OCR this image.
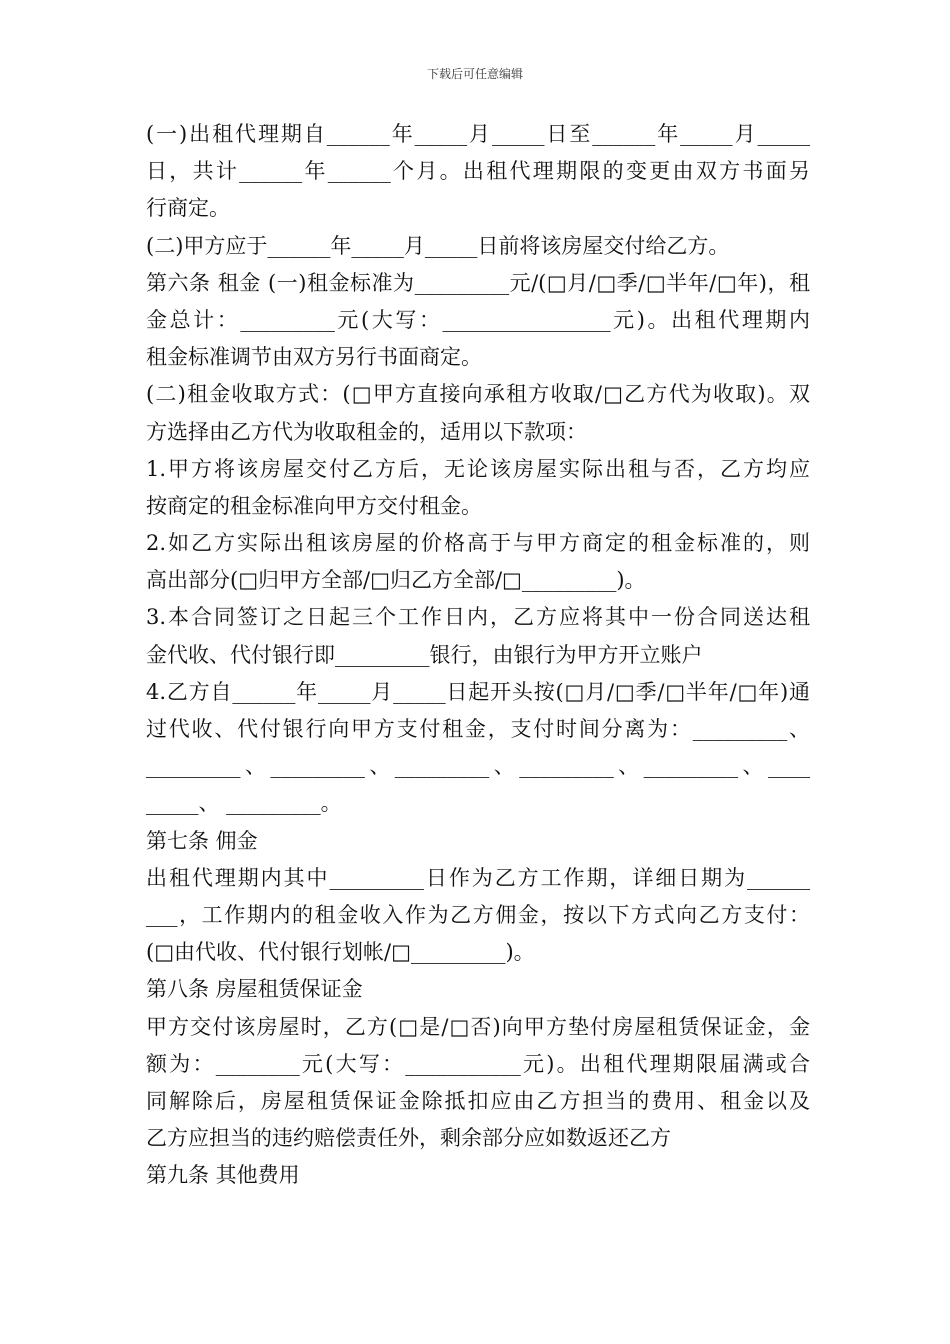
下载后可任意编辑
(一)出租代理期自______年_____月_____日至______年_____月_____
日，共计______年______个月。出租代理期限的变更由双方书面另
行商定。
(二)甲方应于______年_____月_____日前将该房屋交付给乙方。
第六条 租金 (一)租金标准为_________元/(□月/□季/□半年/□年)，租
金总计：_________元(大写：________________元)。出租代理期内
租金标准调节由双方另行书面商定。
(二)租金收取方式：(□甲方直接向承租方收取/□乙方代为收取)。双
方选择由乙方代为收取租金的，适用以下款项：
1.甲方将该房屋交付乙方后，无论该房屋实际出租与否，乙方均应
按商定的租金标准向甲方交付租金。
2.如乙方实际出租该房屋的价格高于与甲方商定的租金标准的，则
高出部分(□归甲方全部/□归乙方全部/□_________)。
3.本合同签订之日起三个工作日内，乙方应将其中一份合同送达租
金代收、代付银行即_________银行，由银行为甲方开立账户
4.乙方自______年_____月_____日起开头按(□月/□季/□半年/□年)通
过代收、代付银行向甲方支付租金，支付时间分离为：_________、
_________、_________、_________、_________、_________、____
_____、 _________。
第七条 佣金
出租代理期内其中_________日作为乙方工作期，详细日期为______
___，工作期内的租金收入作为乙方佣金，按以下方式向乙方支付：
(□由代收、代付银行划帐/□_________)。
第八条 房屋租赁保证金
甲方交付该房屋时，乙方(□是/□否)向甲方垫付房屋租赁保证金，金
额为：________元(大写：___________元)。出租代理期限届满或合
同解除后，房屋租赁保证金除抵扣应由乙方担当的费用、租金以及
乙方应担当的违约赔偿责任外，剩余部分应如数返还乙方
第九条 其他费用
